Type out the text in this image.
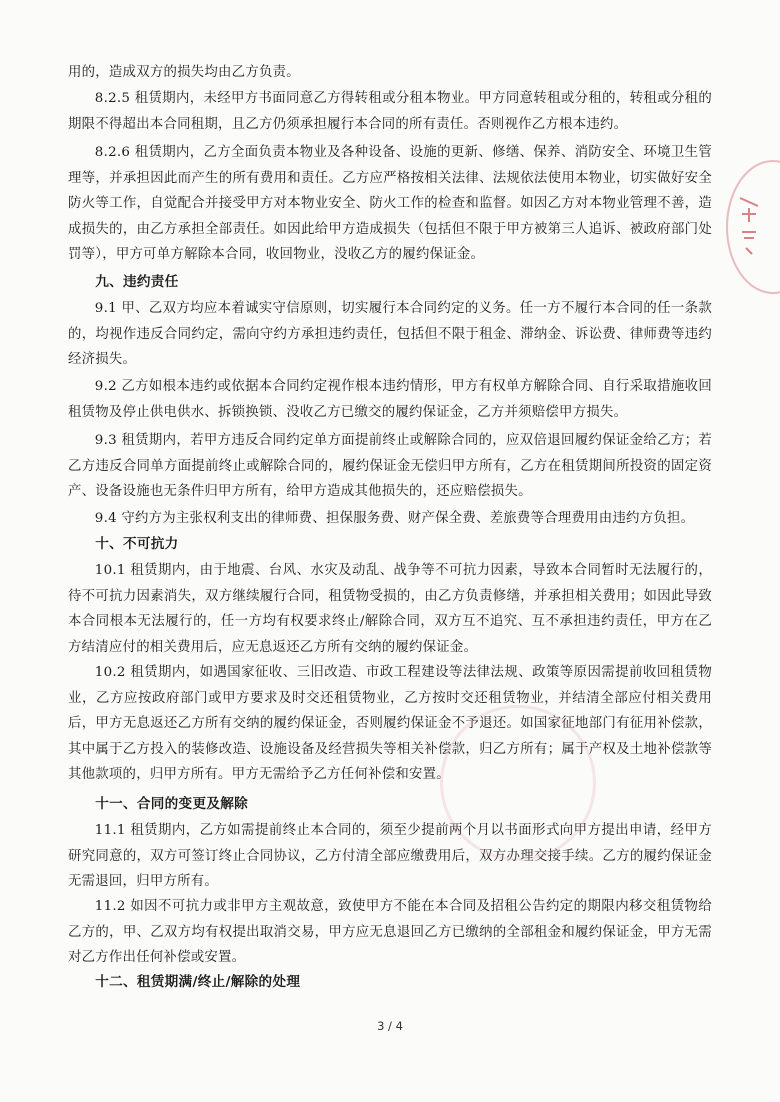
用的，造成双方的损失均由乙方负责。

8.2.5 租赁期内，未经甲方书面同意乙方得转租或分租本物业。甲方同意转租或分租的，转租或分租的期限不得超出本合同租期，且乙方仍须承担履行本合同的所有责任。否则视作乙方根本违约。

8.2.6 租赁期内，乙方全面负责本物业及各种设备、设施的更新、修缮、保养、消防安全、环境卫生管理等，并承担因此而产生的所有费用和责任。乙方应严格按相关法律、法规依法使用本物业，切实做好安全防火等工作，自觉配合并接受甲方对本物业安全、防火工作的检查和监督。如因乙方对本物业管理不善，造成损失的，由乙方承担全部责任。如因此给甲方造成损失（包括但不限于甲方被第三人追诉、被政府部门处罚等），甲方可单方解除本合同，收回物业，没收乙方的履约保证金。

九、违约责任

9.1 甲、乙双方均应本着诚实守信原则，切实履行本合同约定的义务。任一方不履行本合同的任一条款的，均视作违反合同约定，需向守约方承担违约责任，包括但不限于租金、滞纳金、诉讼费、律师费等违约经济损失。

9.2 乙方如根本违约或依据本合同约定视作根本违约情形，甲方有权单方解除合同、自行采取措施收回租赁物及停止供电供水、拆锁换锁、没收乙方已缴交的履约保证金，乙方并须赔偿甲方损失。

9.3 租赁期内，若甲方违反合同约定单方面提前终止或解除合同的，应双倍退回履约保证金给乙方；若乙方违反合同单方面提前终止或解除合同的，履约保证金无偿归甲方所有，乙方在租赁期间所投资的固定资产、设备设施也无条件归甲方所有，给甲方造成其他损失的，还应赔偿损失。

9.4 守约方为主张权利支出的律师费、担保服务费、财产保全费、差旅费等合理费用由违约方负担。

十、不可抗力

10.1 租赁期内，由于地震、台风、水灾及动乱、战争等不可抗力因素，导致本合同暂时无法履行的，待不可抗力因素消失，双方继续履行合同，租赁物受损的，由乙方负责修缮，并承担相关费用；如因此导致本合同根本无法履行的，任一方均有权要求终止/解除合同，双方互不追究、互不承担违约责任，甲方在乙方结清应付的相关费用后，应无息返还乙方所有交纳的履约保证金。

10.2 租赁期内，如遇国家征收、三旧改造、市政工程建设等法律法规、政策等原因需提前收回租赁物业，乙方应按政府部门或甲方要求及时交还租赁物业，乙方按时交还租赁物业，并结清全部应付相关费用后，甲方无息返还乙方所有交纳的履约保证金，否则履约保证金不予退还。如国家征地部门有征用补偿款，其中属于乙方投入的装修改造、设施设备及经营损失等相关补偿款，归乙方所有；属于产权及土地补偿款等其他款项的，归甲方所有。甲方无需给予乙方任何补偿和安置。

十一、合同的变更及解除

11.1 租赁期内，乙方如需提前终止本合同的，须至少提前两个月以书面形式向甲方提出申请，经甲方研究同意的，双方可签订终止合同协议，乙方付清全部应缴费用后，双方办理交接手续。乙方的履约保证金无需退回，归甲方所有。

11.2 如因不可抗力或非甲方主观故意，致使甲方不能在本合同及招租公告约定的期限内移交租赁物给乙方的，甲、乙双方均有权提出取消交易，甲方应无息退回乙方已缴纳的全部租金和履约保证金，甲方无需对乙方作出任何补偿或安置。

十二、租赁期满/终止/解除的处理

3 / 4
